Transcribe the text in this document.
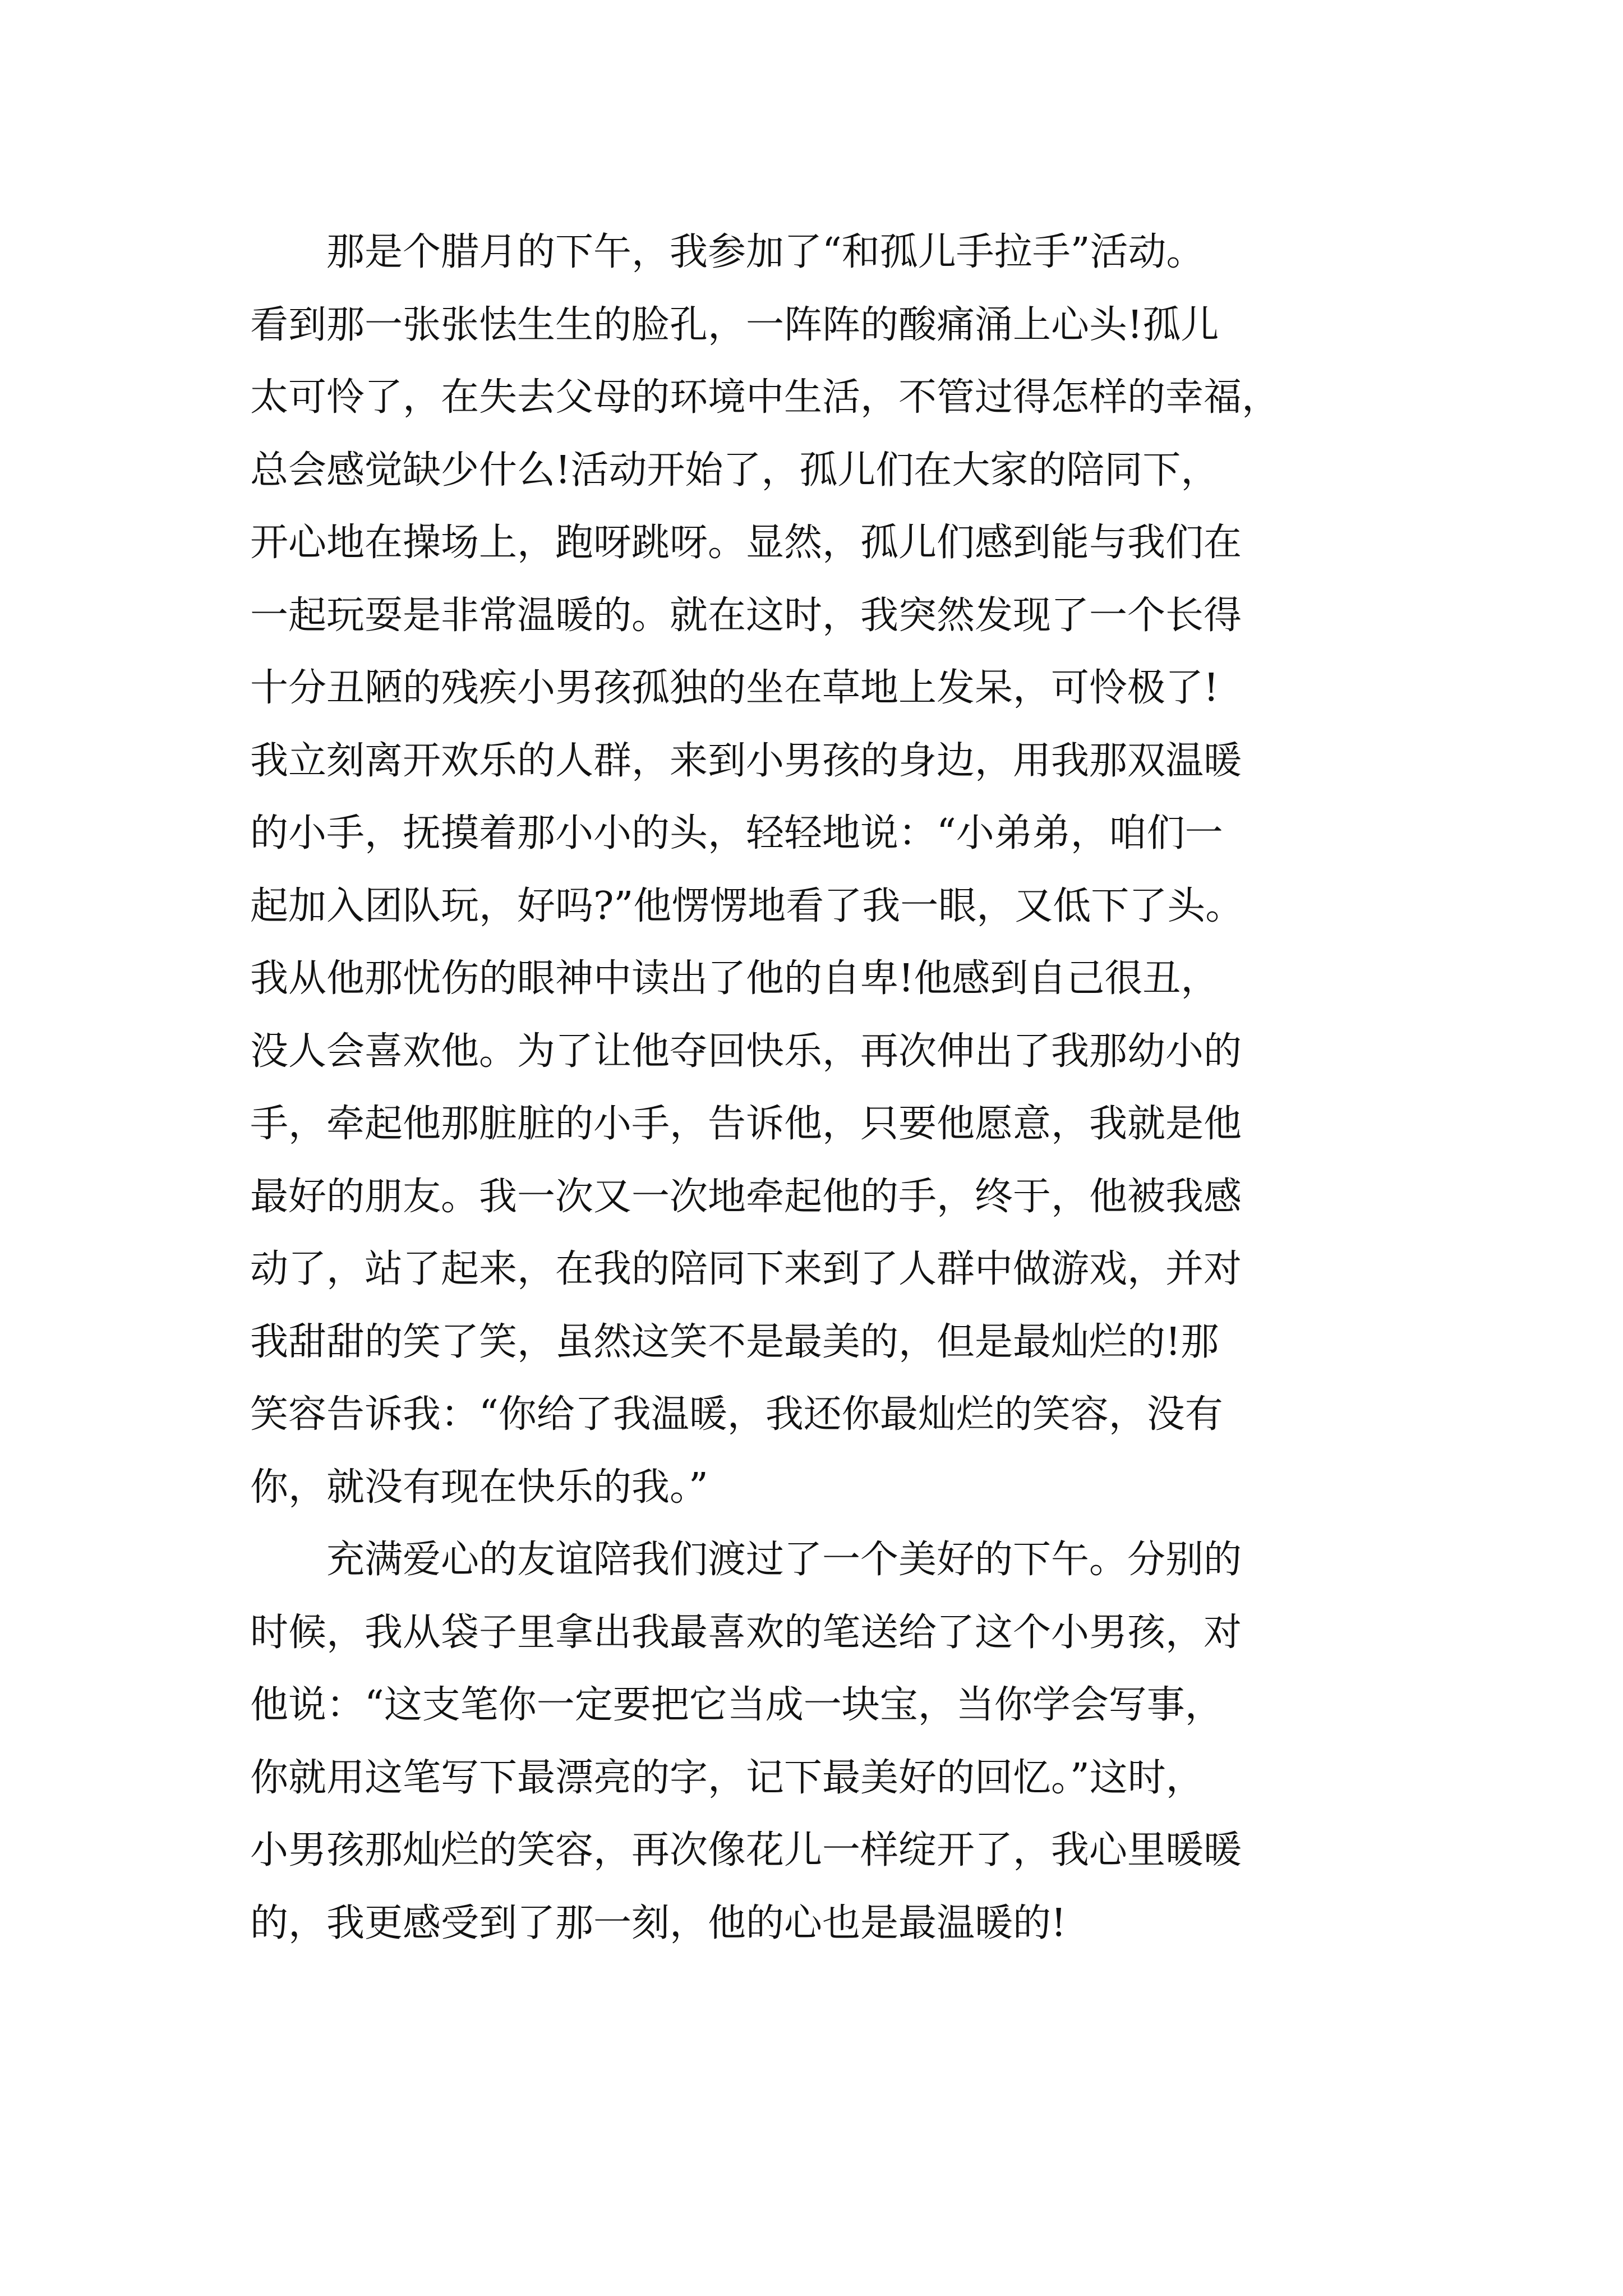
那是个腊月的下午，我参加了“和孤儿手拉手”活动。
看到那一张张怯生生的脸孔，一阵阵的酸痛涌上心头!孤儿
太可怜了，在失去父母的环境中生活，不管过得怎样的幸福，
总会感觉缺少什么!活动开始了，孤儿们在大家的陪同下，
开心地在操场上，跑呀跳呀。显然，孤儿们感到能与我们在
一起玩耍是非常温暖的。就在这时，我突然发现了一个长得
十分丑陋的残疾小男孩孤独的坐在草地上发呆，可怜极了!
我立刻离开欢乐的人群，来到小男孩的身边，用我那双温暖
的小手，抚摸着那小小的头，轻轻地说：“小弟弟，咱们一
起加入团队玩，好吗?”他愣愣地看了我一眼，又低下了头。
我从他那忧伤的眼神中读出了他的自卑!他感到自己很丑，
没人会喜欢他。为了让他夺回快乐，再次伸出了我那幼小的
手，牵起他那脏脏的小手，告诉他，只要他愿意，我就是他
最好的朋友。我一次又一次地牵起他的手，终于，他被我感
动了，站了起来，在我的陪同下来到了人群中做游戏，并对
我甜甜的笑了笑，虽然这笑不是最美的，但是最灿烂的!那
笑容告诉我：“你给了我温暖，我还你最灿烂的笑容，没有
你，就没有现在快乐的我。”
充满爱心的友谊陪我们渡过了一个美好的下午。分别的
时候，我从袋子里拿出我最喜欢的笔送给了这个小男孩，对
他说：“这支笔你一定要把它当成一块宝，当你学会写事，
你就用这笔写下最漂亮的字，记下最美好的回忆。”这时，
小男孩那灿烂的笑容，再次像花儿一样绽开了，我心里暖暖
的，我更感受到了那一刻，他的心也是最温暖的!
